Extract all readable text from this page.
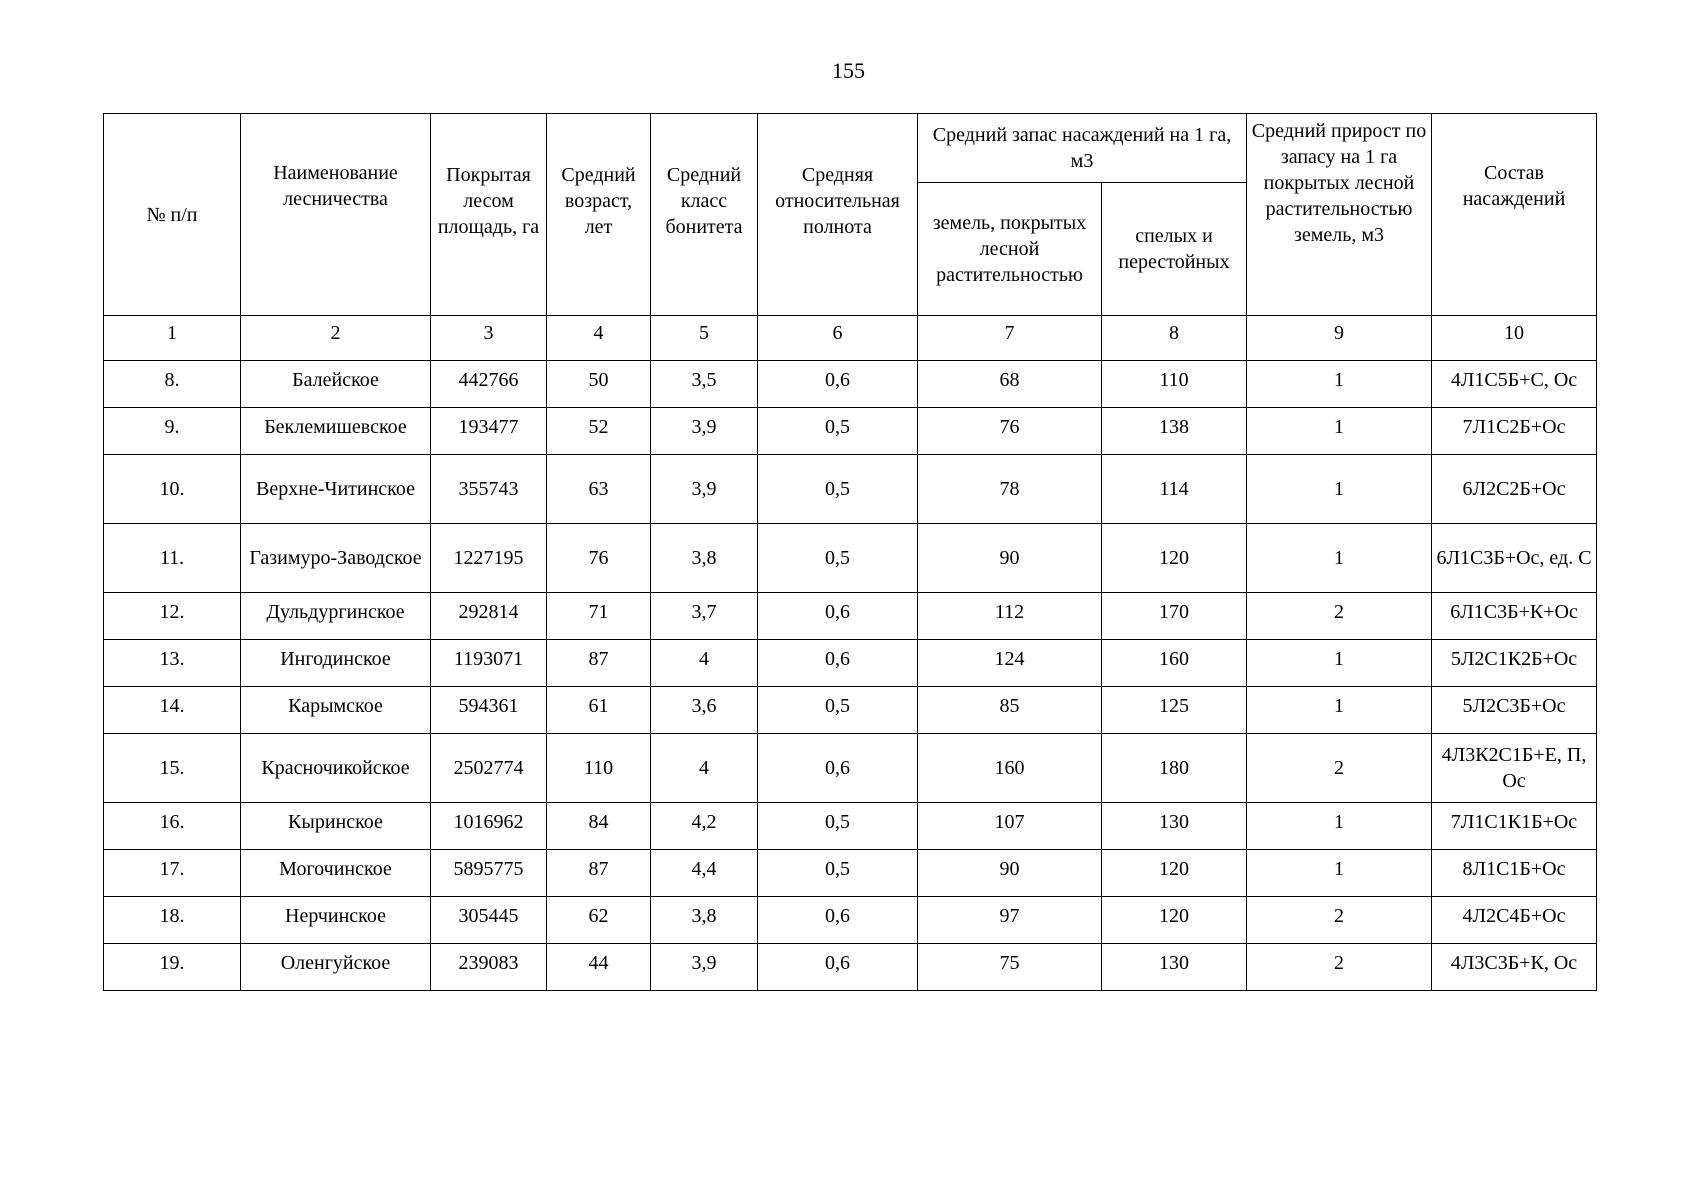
155
№ п/п	Наименование лесничества	Покрытая лесом площадь, га	Средний возраст, лет	Средний класс бонитета	Средняя относительная полнота	Средний запас насаждений на 1 га, м3		Средний прирост по запасу на 1 га покрытых лесной растительностью земель, м3	Состав насаждений
						земель, покрытых лесной растительностью	спелых и перестойных		
1	2	3	4	5	6	7	8	9	10
8.	Балейское	442766	50	3,5	0,6	68	110	1	4Л1С5Б+С, Ос
9.	Беклемишевское	193477	52	3,9	0,5	76	138	1	7Л1С2Б+Ос
10.	Верхне-Читинское	355743	63	3,9	0,5	78	114	1	6Л2С2Б+Ос
11.	Газимуро-Заводское	1227195	76	3,8	0,5	90	120	1	6Л1С3Б+Ос, ед. С
12.	Дульдургинское	292814	71	3,7	0,6	112	170	2	6Л1С3Б+К+Ос
13.	Ингодинское	1193071	87	4	0,6	124	160	1	5Л2С1К2Б+Ос
14.	Карымское	594361	61	3,6	0,5	85	125	1	5Л2С3Б+Ос
15.	Красночикойское	2502774	110	4	0,6	160	180	2	4Л3К2С1Б+Е, П, Ос
16.	Кыринское	1016962	84	4,2	0,5	107	130	1	7Л1С1К1Б+Ос
17.	Могочинское	5895775	87	4,4	0,5	90	120	1	8Л1С1Б+Ос
18.	Нерчинское	305445	62	3,8	0,6	97	120	2	4Л2С4Б+Ос
19.	Оленгуйское	239083	44	3,9	0,6	75	130	2	4Л3С3Б+К, Ос
